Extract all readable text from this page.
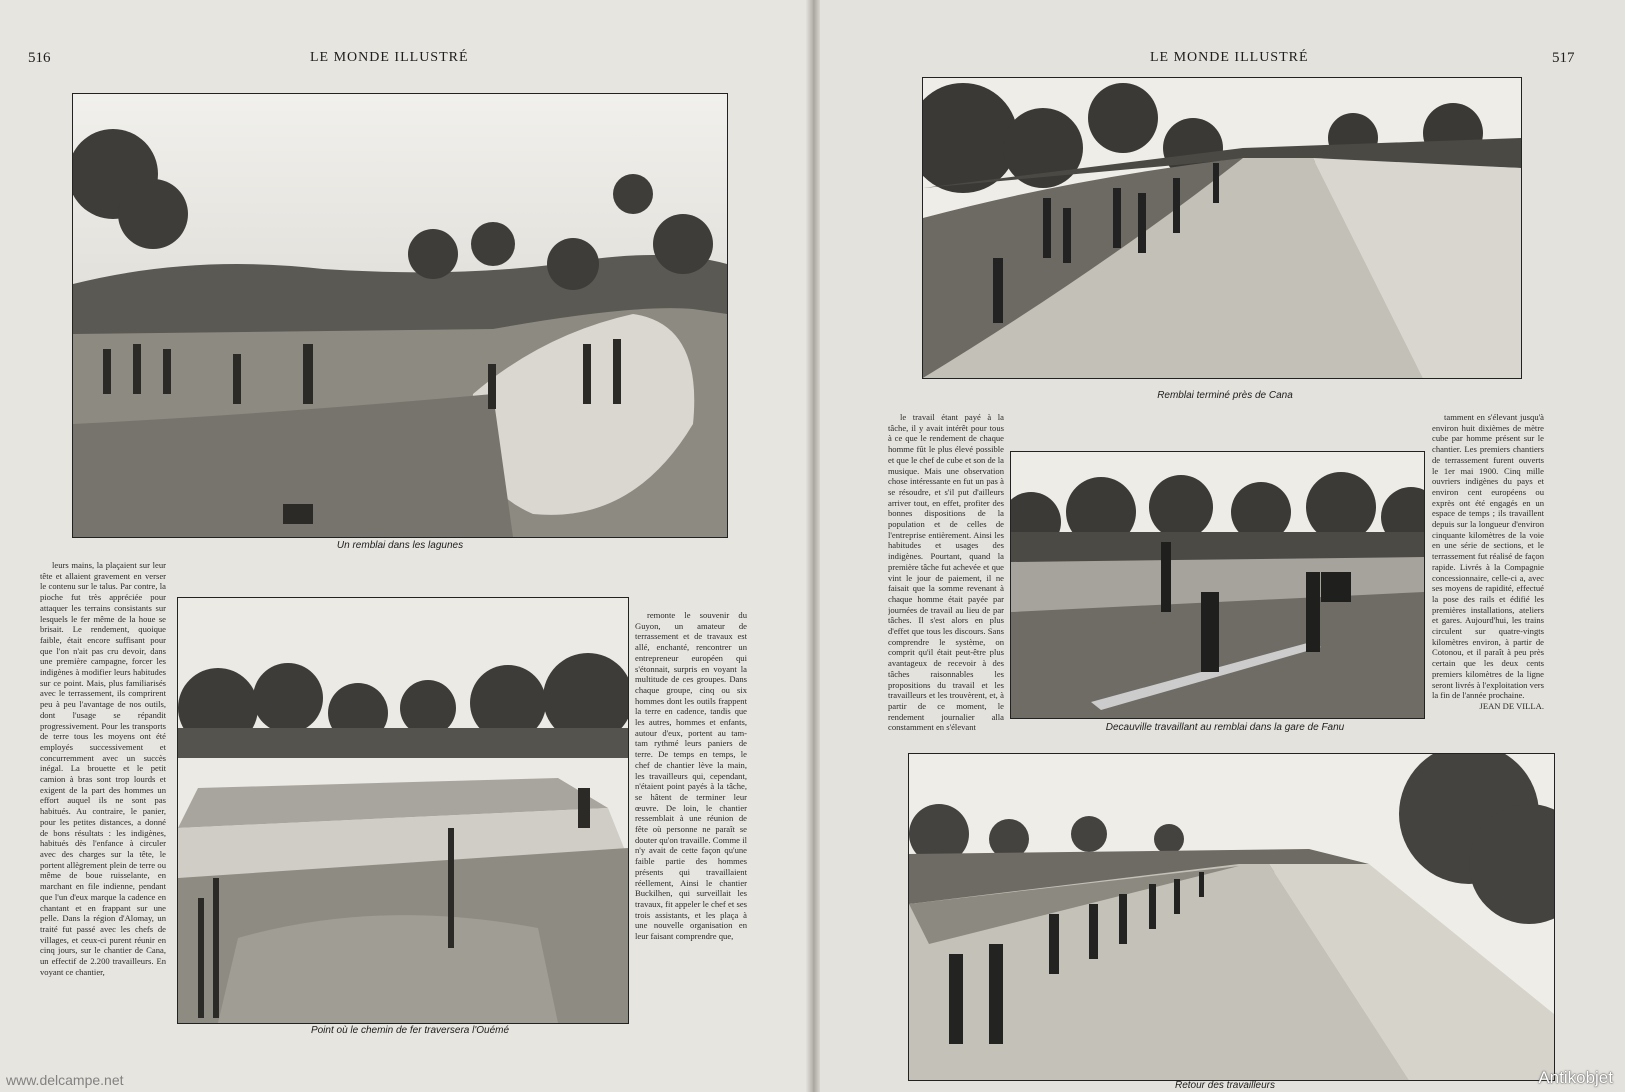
516	LE MONDE ILLUSTRÉ	LE MONDE ILLUSTRÉ	517
Un remblai dans les lagunes

leurs mains, la plaçaient sur leur tête et allaient gravement en verser le contenu sur le talus. Par contre, la pioche fut très appréciée pour attaquer les terrains consistants sur lesquels le fer même de la houe se brisait. Le rendement, quoique faible, était encore suffisant pour que l'on n'ait pas cru devoir, dans une première campagne, forcer les indigènes à modifier leurs habitudes sur ce point. Mais, plus familiarisés avec le terrassement, ils comprirent peu à peu l'avantage de nos outils, dont l'usage se répandit progressivement. Pour les transports de terre tous les moyens ont été employés successivement et concurremment avec un succès inégal. La brouette et le petit camion à bras sont trop lourds et exigent de la part des hommes un effort auquel ils ne sont pas habitués. Au contraire, le panier, pour les petites distances, a donné de bons résultats : les indigènes, habitués dès l'enfance à circuler avec des charges sur la tête, le portent allègrement plein de terre ou même de boue ruisselante, en marchant en file indienne, pendant que l'un d'eux marque la cadence en chantant et en frappant sur une pelle. Dans la région d'Alomay, un traité fut passé avec les chefs de villages, et ceux-ci purent réunir en cinq jours, sur le chantier de Cana, un effectif de 2.200 travailleurs. En voyant ce chantier,

Point où le chemin de fer traversera l'Ouémé

remonte le souvenir du Guyon, un amateur de terrassement et de travaux est allé, enchanté, rencontrer un entrepreneur européen qui s'étonnait, surpris en voyant la multitude de ces groupes. Dans chaque groupe, cinq ou six hommes dont les outils frappent la terre en cadence, tandis que les autres, hommes et enfants, autour d'eux, portent au tam-tam rythmé leurs paniers de terre. De temps en temps, le chef de chantier lève la main, les travailleurs qui, cependant, n'étaient point payés à la tâche, se hâtent de terminer leur œuvre. De loin, le chantier ressemblait à une réunion de fête où personne ne paraît se douter qu'on travaille. Comme il n'y avait de cette façon qu'une faible partie des hommes présents qui travaillaient réellement, Ainsi le chantier Buckilhen, qui surveillait les travaux, fit appeler le chef et ses trois assistants, et les plaça à une nouvelle organisation en leur faisant comprendre que,

Remblai terminé près de Cana

le travail étant payé à la tâche, il y avait intérêt pour tous à ce que le rendement de chaque homme fût le plus élevé possible et que le chef de cube et son de la musique. Mais une observation chose intéressante en fut un pas à se résoudre, et s'il put d'ailleurs arriver tout, en effet, profiter des bonnes dispositions de la population et de celles de l'entreprise entièrement. Ainsi les habitudes et usages des indigènes. Pourtant, quand la première tâche fut achevée et que vint le jour de paiement, il ne faisait que la somme revenant à chaque homme était payée par journées de travail au lieu de par tâches. Il s'est alors en plus d'effet que tous les discours. Sans comprendre le système, on comprit qu'il était peut-être plus avantageux de recevoir à des tâches raisonnables les propositions du travail et les travailleurs et les trouvèrent, et, à partir de ce moment, le rendement journalier alla constamment en s'élevant	Decauville travaillant au remblai dans la gare de Fanu

tamment en s'élevant jusqu'à environ huit dixièmes de mètre cube par homme présent sur le chantier. Les premiers chantiers de terrassement furent ouverts le 1er mai 1900. Cinq mille ouvriers indigènes du pays et environ cent européens ou exprès ont été engagés en un espace de temps ; ils travaillent depuis sur la longueur d'environ cinquante kilomètres de la voie en une série de sections, et le terrassement fut réalisé de façon rapide. Livrés à la Compagnie concessionnaire, celle-ci a, avec ses moyens de rapidité, effectué la pose des rails et édifié les premières installations, ateliers et gares. Aujourd'hui, les trains circulent sur quatre-vingts kilomètres environ, à partir de Cotonou, et il paraît à peu près certain que les deux cents premiers kilomètres de la ligne seront livrés à l'exploitation vers la fin de l'année prochaine.

JEAN DE VILLA.

Retour des travailleurs
www.delcampe.net	Antikobjet
